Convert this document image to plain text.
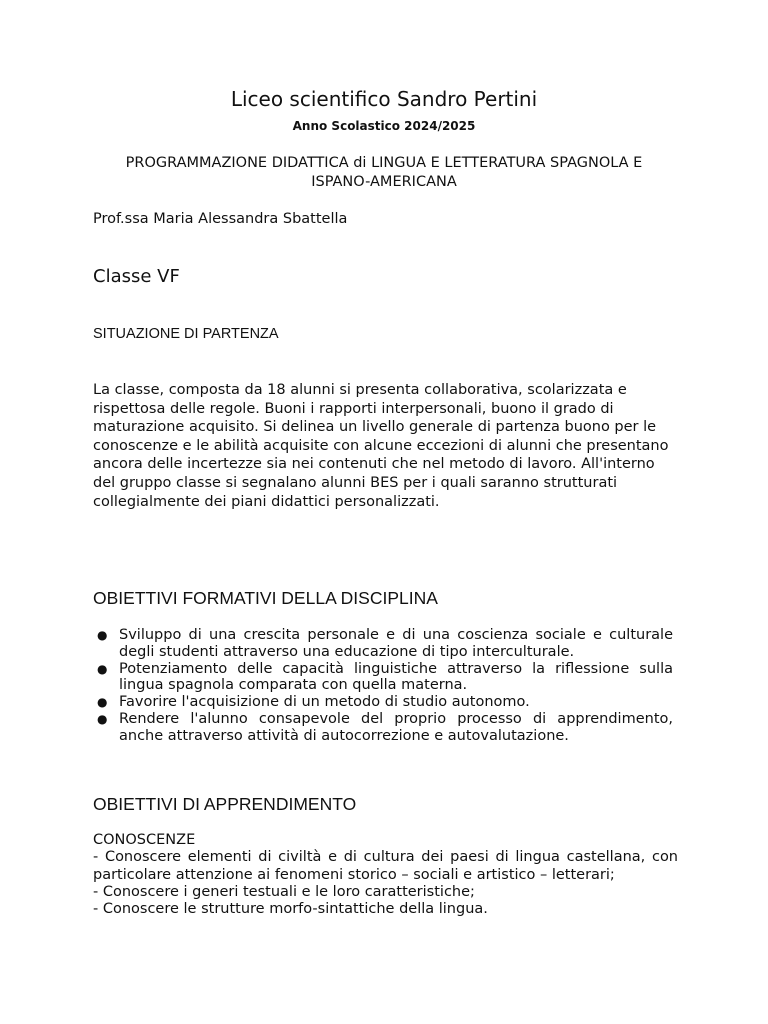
Liceo scientifico Sandro Pertini
Anno Scolastico 2024/2025
PROGRAMMAZIONE DIDATTICA di LINGUA E LETTERATURA SPAGNOLA E
ISPANO-AMERICANA
Prof.ssa Maria Alessandra Sbattella
Classe VF
SITUAZIONE DI PARTENZA
La classe, composta da 18 alunni si presenta collaborativa, scolarizzata e rispettosa delle regole. Buoni i rapporti interpersonali, buono il grado di maturazione acquisito. Si delinea un livello generale di partenza buono per le conoscenze e le abilità acquisite con alcune eccezioni di alunni che presentano ancora delle incertezze sia nei contenuti che nel metodo di lavoro. All'interno del gruppo classe si segnalano alunni BES per i quali saranno strutturati collegialmente dei piani didattici personalizzati.
OBIETTIVI FORMATIVI DELLA DISCIPLINA
● Sviluppo di una crescita personale e di una coscienza sociale e culturale degli studenti attraverso una educazione di tipo interculturale.
● Potenziamento delle capacità linguistiche attraverso la riflessione sulla lingua spagnola comparata con quella materna.
● Favorire l'acquisizione di un metodo di studio autonomo.
● Rendere l'alunno consapevole del proprio processo di apprendimento, anche attraverso attività di autocorrezione e autovalutazione.
OBIETTIVI DI APPRENDIMENTO
CONOSCENZE
- Conoscere elementi di civiltà e di cultura dei paesi di lingua castellana, con particolare attenzione ai fenomeni storico – sociali e artistico – letterari;
- Conoscere i generi testuali e le loro caratteristiche;
- Conoscere le strutture morfo-sintattiche della lingua.
